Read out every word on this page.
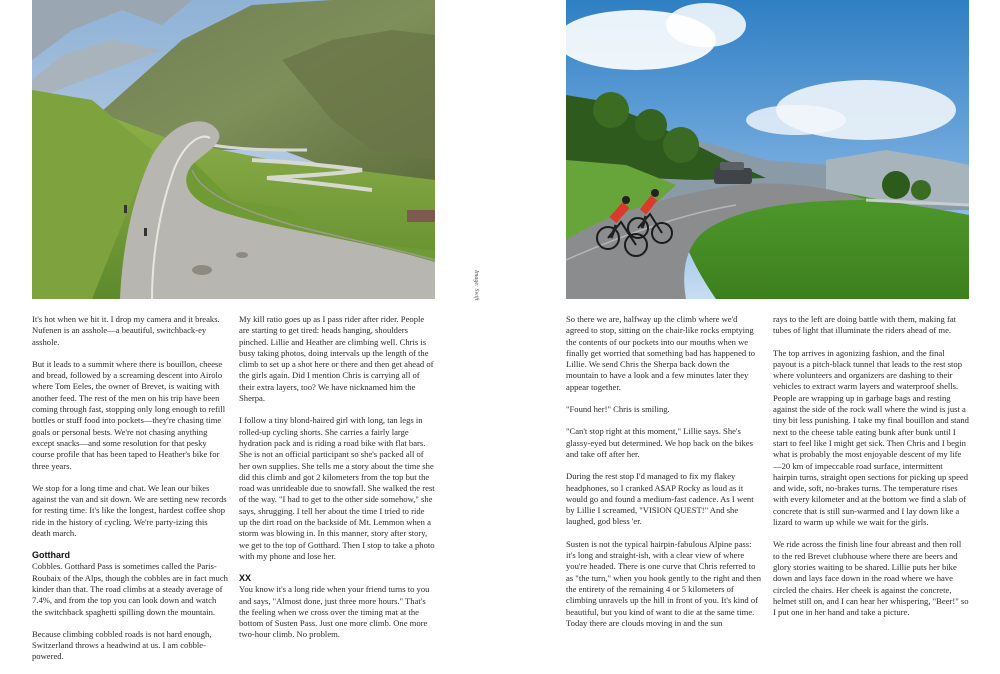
Image: Swift

It's hot when we hit it. I drop my camera and it breaks. Nufenen is an asshole—a beautiful, switchback-ey asshole.

But it leads to a summit where there is bouillon, cheese and bread, followed by a screaming descent into Airolo where Tom Eeles, the owner of Brevet, is waiting with another feed. The rest of the men on his trip have been coming through fast, stopping only long enough to refill bottles or stuff food into pockets—they're chasing time goals or personal bests. We're not chasing anything except snacks—and some resolution for that pesky course profile that has been taped to Heather's bike for three years.

We stop for a long time and chat. We lean our bikes against the van and sit down. We are setting new records for resting time. It's like the longest, hardest coffee shop ride in the history of cycling. We're party-izing this death march.

Gotthard

Cobbles. Gotthard Pass is sometimes called the Paris-Roubaix of the Alps, though the cobbles are in fact much kinder than that. The road climbs at a steady average of 7.4%, and from the top you can look down and watch the switchback spaghetti spilling down the mountain.

Because climbing cobbled roads is not hard enough, Switzerland throws a headwind at us. I am cobble-powered.

My kill ratio goes up as I pass rider after rider. People are starting to get tired: heads hanging, shoulders pinched. Lillie and Heather are climbing well. Chris is busy taking photos, doing intervals up the length of the climb to set up a shot here or there and then get ahead of the girls again. Did I mention Chris is carrying all of their extra layers, too? We have nicknamed him the Sherpa.

I follow a tiny blond-haired girl with long, tan legs in rolled-up cycling shorts. She carries a fairly large hydration pack and is riding a road bike with flat bars. She is not an official participant so she's packed all of her own supplies. She tells me a story about the time she did this climb and got 2 kilometers from the top but the road was unrideable due to snowfall. She walked the rest of the way. "I had to get to the other side somehow," she says, shrugging. I tell her about the time I tried to ride up the dirt road on the backside of Mt. Lemmon when a storm was blowing in. In this manner, story after story, we get to the top of Gotthard. Then I stop to take a photo with my phone and lose her.

XX

You know it's a long ride when your friend turns to you and says, "Almost done, just three more hours." That's the feeling when we cross over the timing mat at the bottom of Susten Pass. Just one more climb. One more two-hour climb. No problem.

So there we are, halfway up the climb where we'd agreed to stop, sitting on the chair-like rocks emptying the contents of our pockets into our mouths when we finally get worried that something bad has happened to Lillie. We send Chris the Sherpa back down the mountain to have a look and a few minutes later they appear together.

"Found her!" Chris is smiling.

"Can't stop right at this moment," Lillie says. She's glassy-eyed but determined. We hop back on the bikes and take off after her.

During the rest stop I'd managed to fix my flakey headphones, so I cranked A$AP Rocky as loud as it would go and found a medium-fast cadence. As I went by Lillie I screamed, "VISION QUEST!" And she laughed, god bless 'er.

Susten is not the typical hairpin-fabulous Alpine pass: it's long and straight-ish, with a clear view of where you're headed. There is one curve that Chris referred to as "the turn," when you hook gently to the right and then the entirety of the remaining 4 or 5 kilometers of climbing unravels up the hill in front of you. It's kind of beautiful, but you kind of want to die at the same time. Today there are clouds moving in and the sun

rays to the left are doing battle with them, making fat tubes of light that illuminate the riders ahead of me.

The top arrives in agonizing fashion, and the final payout is a pitch-black tunnel that leads to the rest stop where volunteers and organizers are dashing to their vehicles to extract warm layers and waterproof shells. People are wrapping up in garbage bags and resting against the side of the rock wall where the wind is just a tiny bit less punishing. I take my final bouillon and stand next to the cheese table eating bunk after bunk until I start to feel like I might get sick. Then Chris and I begin what is probably the most enjoyable descent of my life—20 km of impeccable road surface, intermittent hairpin turns, straight open sections for picking up speed and wide, soft, no-brakes turns. The temperature rises with every kilometer and at the bottom we find a slab of concrete that is still sun-warmed and I lay down like a lizard to warm up while we wait for the girls.

We ride across the finish line four abreast and then roll to the red Brevet clubhouse where there are beers and glory stories waiting to be shared. Lillie puts her bike down and lays face down in the road where we have circled the chairs. Her cheek is against the concrete, helmet still on, and I can hear her whispering, "Beer!" so I put one in her hand and take a picture.
